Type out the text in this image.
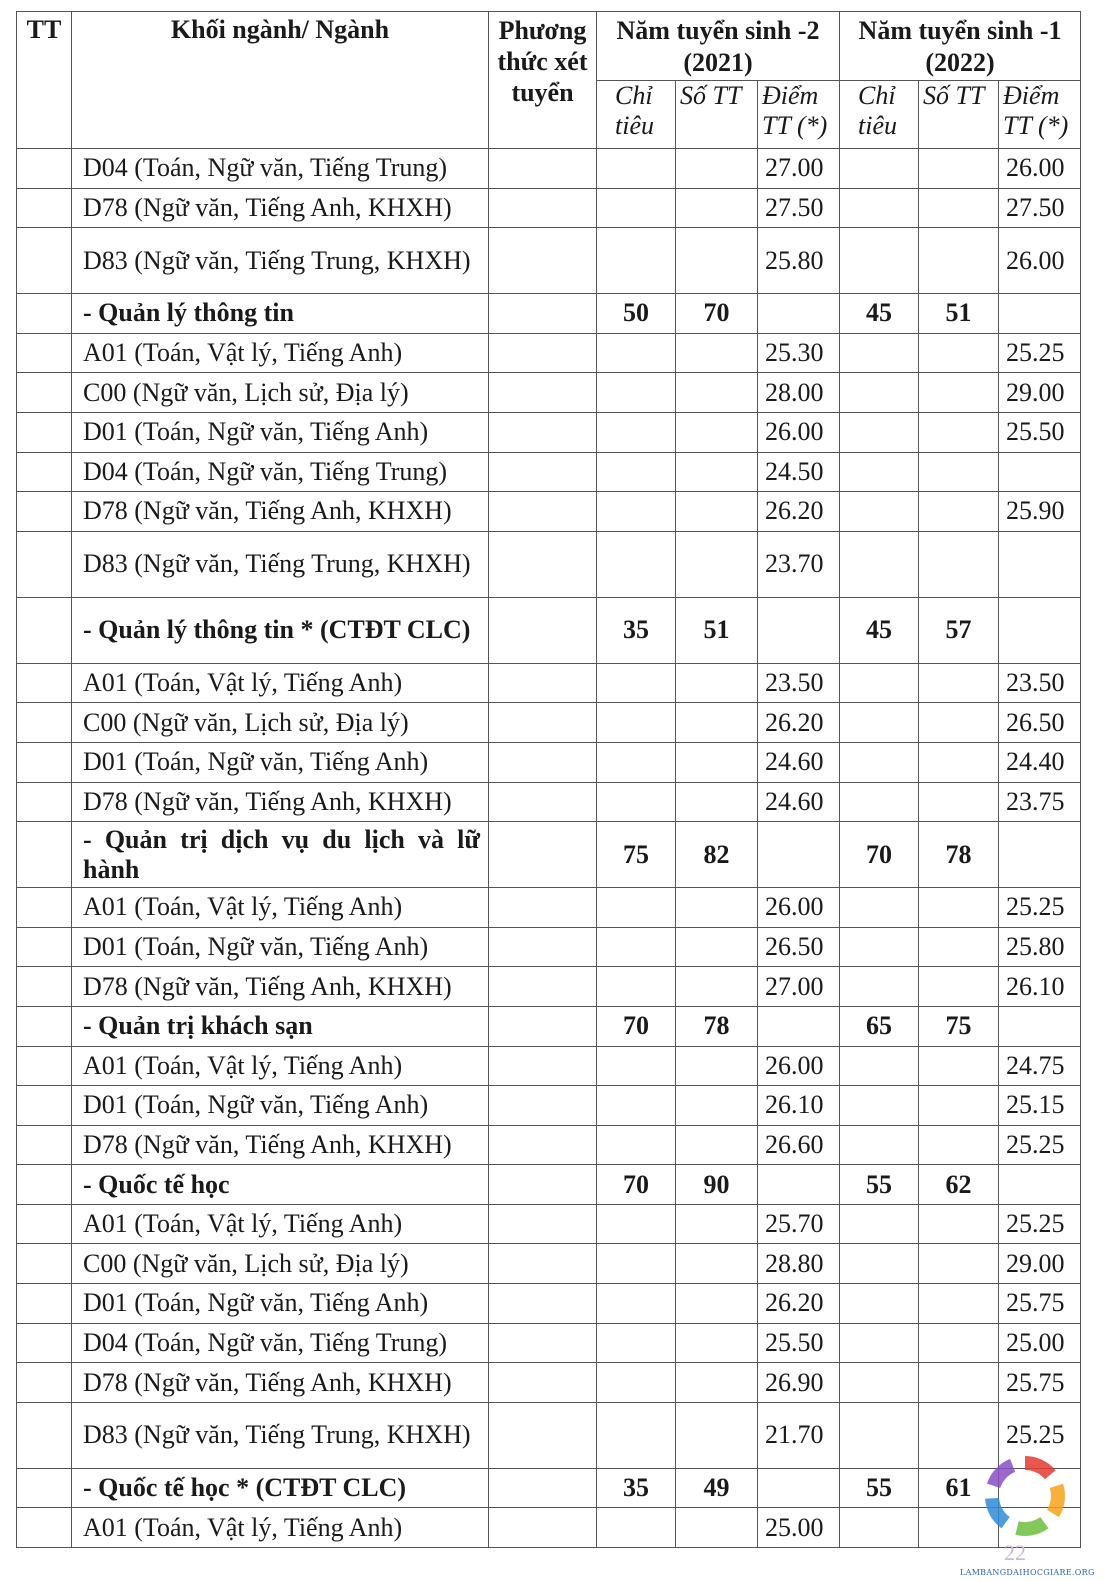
TT	Khối ngành/ Ngành	Phương thức xét tuyển	Năm tuyển sinh -2 (2021)			Năm tuyển sinh -1 (2022)		
			Chỉ tiêu	Số TT	Điểm TT (*)	Chỉ tiêu	Số TT	Điểm TT (*)
	D04 (Toán, Ngữ văn, Tiếng Trung)				27.00			26.00
	D78 (Ngữ văn, Tiếng Anh, KHXH)				27.50			27.50
	D83 (Ngữ văn, Tiếng Trung, KHXH)				25.80			26.00
	- Quản lý thông tin		50	70		45	51	
	A01 (Toán, Vật lý, Tiếng Anh)				25.30			25.25
	C00 (Ngữ văn, Lịch sử, Địa lý)				28.00			29.00
	D01 (Toán, Ngữ văn, Tiếng Anh)				26.00			25.50
	D04 (Toán, Ngữ văn, Tiếng Trung)				24.50			
	D78 (Ngữ văn, Tiếng Anh, KHXH)				26.20			25.90
	D83 (Ngữ văn, Tiếng Trung, KHXH)				23.70			
	- Quản lý thông tin * (CTĐT CLC)		35	51		45	57	
	A01 (Toán, Vật lý, Tiếng Anh)				23.50			23.50
	C00 (Ngữ văn, Lịch sử, Địa lý)				26.20			26.50
	D01 (Toán, Ngữ văn, Tiếng Anh)				24.60			24.40
	D78 (Ngữ văn, Tiếng Anh, KHXH)				24.60			23.75
	- Quản trị dịch vụ du lịch và lữ hành		75	82		70	78	
	A01 (Toán, Vật lý, Tiếng Anh)				26.00			25.25
	D01 (Toán, Ngữ văn, Tiếng Anh)				26.50			25.80
	D78 (Ngữ văn, Tiếng Anh, KHXH)				27.00			26.10
	- Quản trị khách sạn		70	78		65	75	
	A01 (Toán, Vật lý, Tiếng Anh)				26.00			24.75
	D01 (Toán, Ngữ văn, Tiếng Anh)				26.10			25.15
	D78 (Ngữ văn, Tiếng Anh, KHXH)				26.60			25.25
	- Quốc tế học		70	90		55	62	
	A01 (Toán, Vật lý, Tiếng Anh)				25.70			25.25
	C00 (Ngữ văn, Lịch sử, Địa lý)				28.80			29.00
	D01 (Toán, Ngữ văn, Tiếng Anh)				26.20			25.75
	D04 (Toán, Ngữ văn, Tiếng Trung)				25.50			25.00
	D78 (Ngữ văn, Tiếng Anh, KHXH)				26.90			25.75
	D83 (Ngữ văn, Tiếng Trung, KHXH)				21.70			25.25
	- Quốc tế học * (CTĐT CLC)		35	49		55	61	
	A01 (Toán, Vật lý, Tiếng Anh)				25.00			
22
LAMBANGDAIHOCGIARE.ORG
